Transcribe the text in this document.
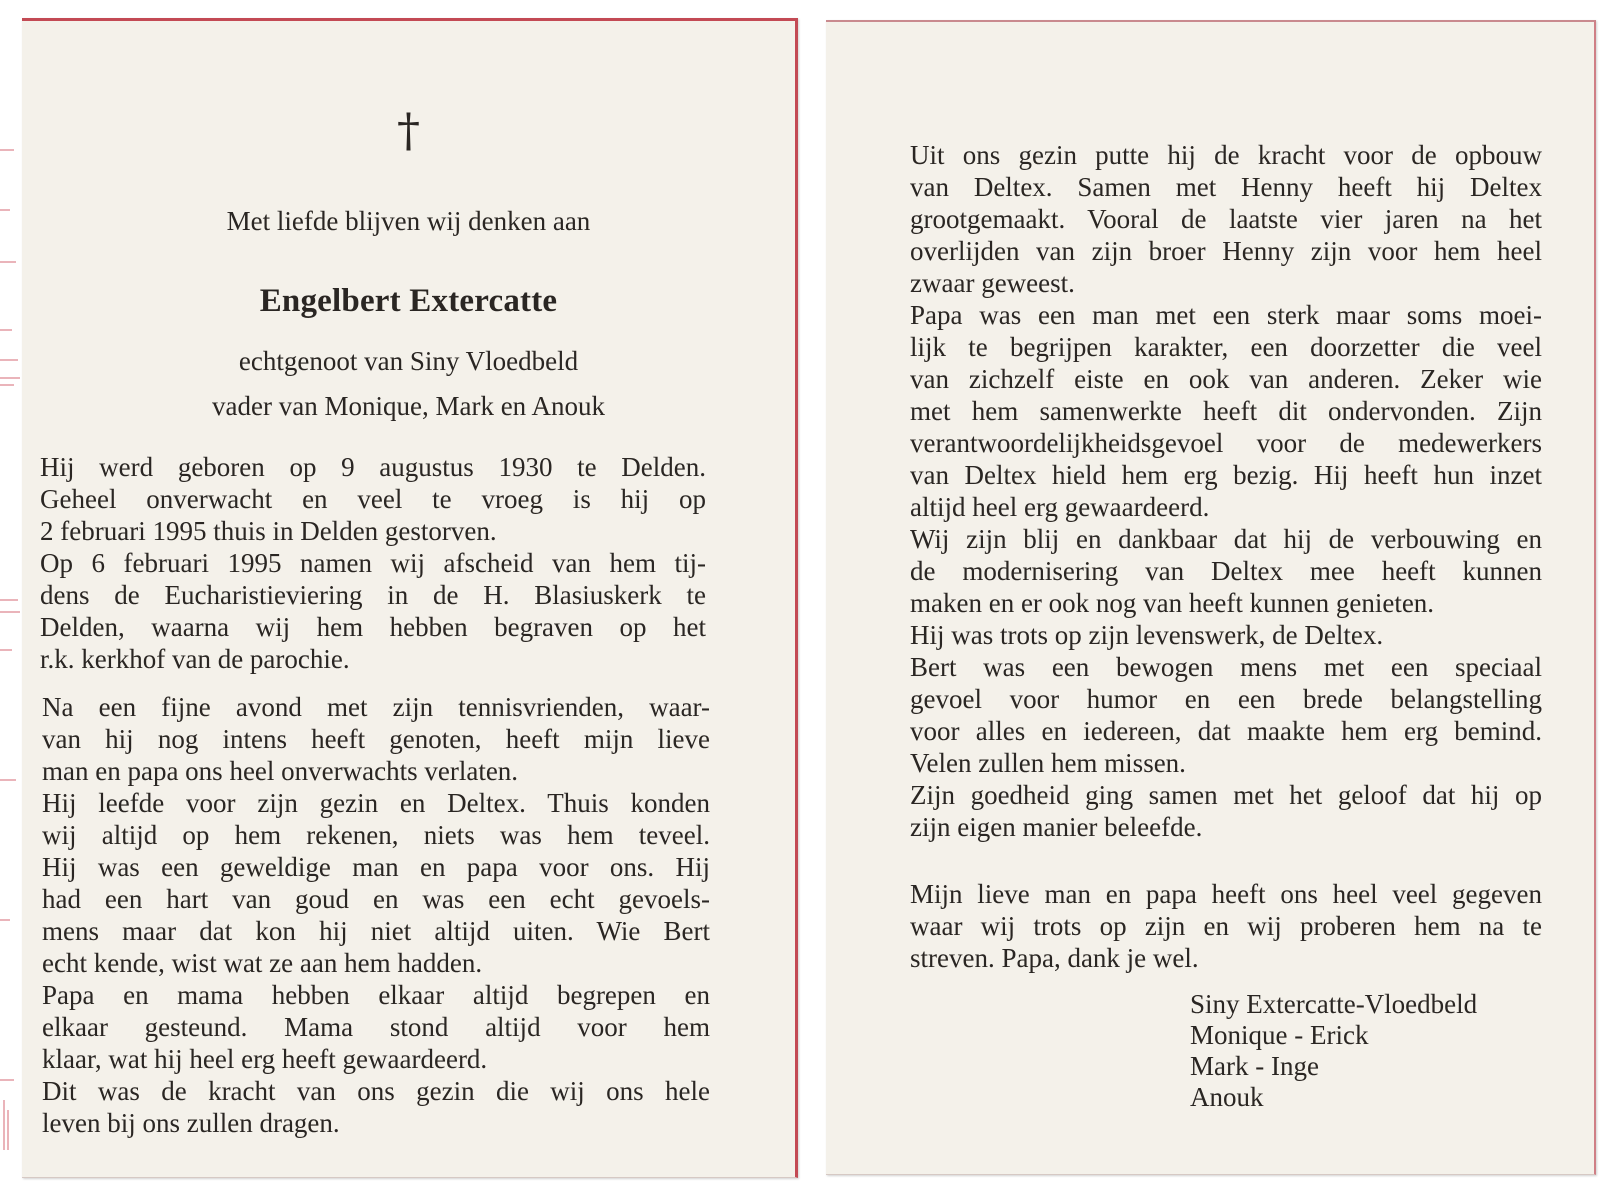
†
Met liefde blijven wij denken aan
Engelbert Extercatte
echtgenoot van Siny Vloedbeld
vader van Monique, Mark en Anouk
Hij werd geboren op 9 augustus 1930 te Delden.
Geheel onverwacht en veel te vroeg is hij op
2 februari 1995 thuis in Delden gestorven.
Op 6 februari 1995 namen wij afscheid van hem tij-
dens de Eucharistieviering in de H. Blasiuskerk te
Delden, waarna wij hem hebben begraven op het
r.k. kerkhof van de parochie.
Na een fijne avond met zijn tennisvrienden, waar-
van hij nog intens heeft genoten, heeft mijn lieve
man en papa ons heel onverwachts verlaten.
Hij leefde voor zijn gezin en Deltex. Thuis konden
wij altijd op hem rekenen, niets was hem teveel.
Hij was een geweldige man en papa voor ons. Hij
had een hart van goud en was een echt gevoels-
mens maar dat kon hij niet altijd uiten. Wie Bert
echt kende, wist wat ze aan hem hadden.
Papa en mama hebben elkaar altijd begrepen en
elkaar gesteund. Mama stond altijd voor hem
klaar, wat hij heel erg heeft gewaardeerd.
Dit was de kracht van ons gezin die wij ons hele
leven bij ons zullen dragen.
Uit ons gezin putte hij de kracht voor de opbouw
van Deltex. Samen met Henny heeft hij Deltex
grootgemaakt. Vooral de laatste vier jaren na het
overlijden van zijn broer Henny zijn voor hem heel
zwaar geweest.
Papa was een man met een sterk maar soms moei-
lijk te begrijpen karakter, een doorzetter die veel
van zichzelf eiste en ook van anderen. Zeker wie
met hem samenwerkte heeft dit ondervonden. Zijn
verantwoordelijkheidsgevoel voor de medewerkers
van Deltex hield hem erg bezig. Hij heeft hun inzet
altijd heel erg gewaardeerd.
Wij zijn blij en dankbaar dat hij de verbouwing en
de modernisering van Deltex mee heeft kunnen
maken en er ook nog van heeft kunnen genieten.
Hij was trots op zijn levenswerk, de Deltex.
Bert was een bewogen mens met een speciaal
gevoel voor humor en een brede belangstelling
voor alles en iedereen, dat maakte hem erg bemind.
Velen zullen hem missen.
Zijn goedheid ging samen met het geloof dat hij op
zijn eigen manier beleefde.
Mijn lieve man en papa heeft ons heel veel gegeven
waar wij trots op zijn en wij proberen hem na te
streven. Papa, dank je wel.
Siny Extercatte-Vloedbeld
Monique - Erick
Mark - Inge
Anouk
